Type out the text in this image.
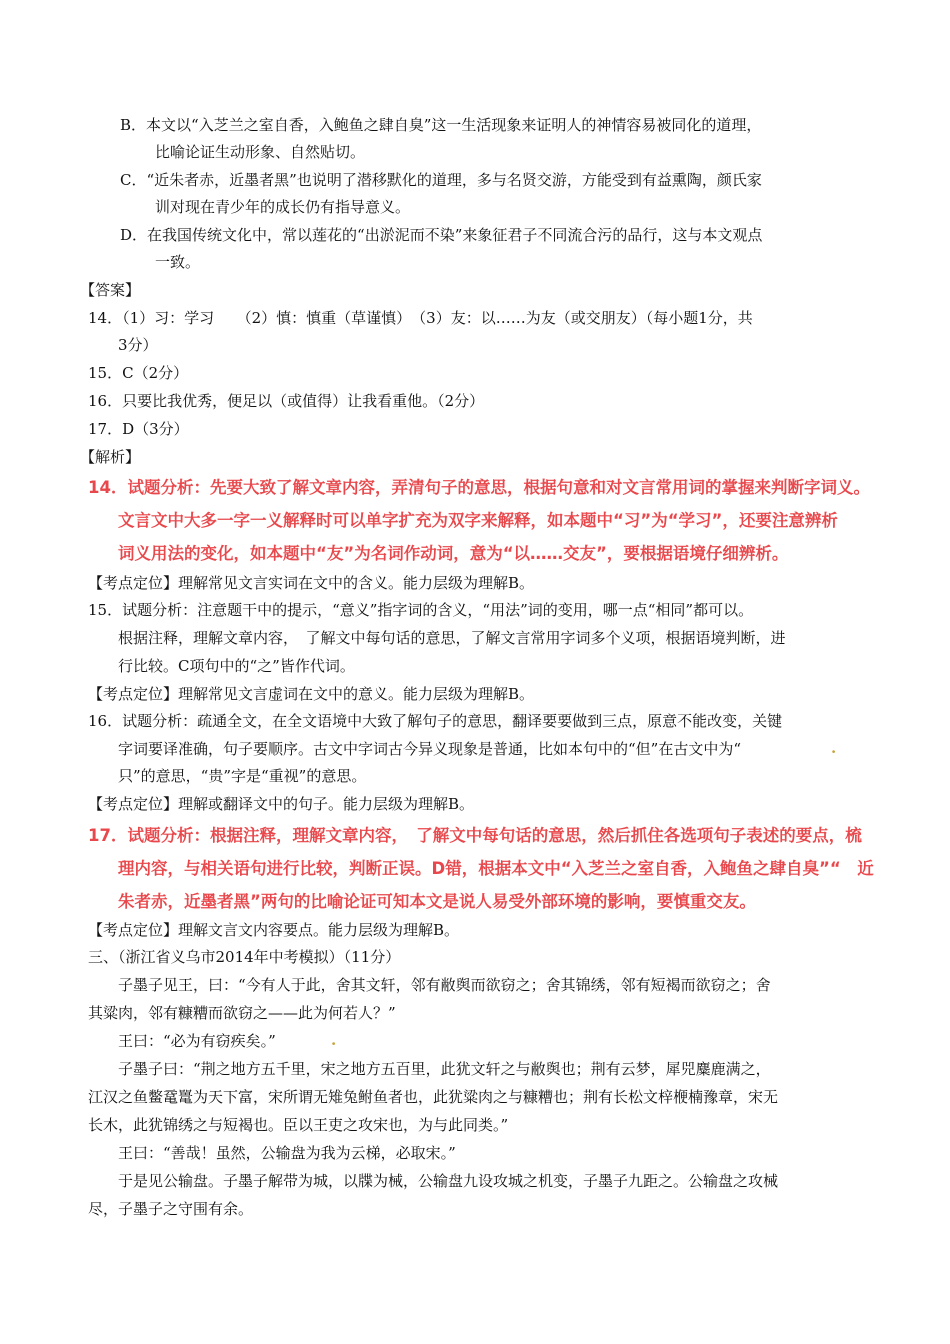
B．本文以“入芝兰之室自香，入鲍鱼之肆自臭”这一生活现象来证明人的神情容易被同化的道理，
比喻论证生动形象、自然贴切。
C．“近朱者赤，近墨者黑”也说明了潜移默化的道理，多与名贤交游，方能受到有益熏陶，颜氏家
训对现在青少年的成长仍有指导意义。
D．在我国传统文化中，常以莲花的“出淤泥而不染”来象征君子不同流合污的品行，这与本文观点
一致。
【答案】
14．（1）习：学习　　（2）慎：慎重（草谨慎）　（3）友：以……为友（或交朋友）（每小题1分，共
3分）
15．C（2分）
16．只要比我优秀，便足以（或值得）让我看重他。（2分）
17．D（3分）
【解析】
14．试题分析：先要大致了解文章内容，弄清句子的意思，根据句意和对文言常用词的掌握来判断字词义。
文言文中大多一字一义解释时可以单字扩充为双字来解释，如本题中“习”为“学习”，还要注意辨析
词义用法的变化，如本题中“友”为名词作动词，意为“以……交友”，要根据语境仔细辨析。
【考点定位】理解常见文言实词在文中的含义。能力层级为理解B。
15．试题分析：注意题干中的提示，“意义”指字词的含义，“用法”词的变用，哪一点“相同”都可以。
根据注释，理解文章内容，　了解文中每句话的意思，了解文言常用字词多个义项，根据语境判断，进
行比较。C项句中的“之”皆作代词。
【考点定位】理解常见文言虚词在文中的意义。能力层级为理解B。
16．试题分析：疏通全文，在全文语境中大致了解句子的意思，翻译要要做到三点，原意不能改变，关键
字词要译准确，句子要顺序。古文中字词古今异义现象是普通，比如本句中的“但”在古文中为“	.
只”的意思，“贵”字是“重视”的意思。
【考点定位】理解或翻译文中的句子。能力层级为理解B。
17．试题分析：根据注释，理解文章内容，　了解文中每句话的意思，然后抓住各选项句子表述的要点，梳
理内容，与相关语句进行比较，判断正误。D错，根据本文中“入芝兰之室自香，入鲍鱼之肆自臭”“　近
朱者赤，近墨者黑”两句的比喻论证可知本文是说人易受外部环境的影响，要慎重交友。
【考点定位】理解文言文内容要点。能力层级为理解B。
三、（浙江省义乌市2014年中考模拟）（11分）
子墨子见王，曰：“今有人于此，舍其文轩，邻有敝舆而欲窃之；舍其锦绣，邻有短褐而欲窃之；舍
其粱肉，邻有糠糟而欲窃之——此为何若人？”
王曰：“必为有窃疾矣。”	.
子墨子曰：“荆之地方五千里，宋之地方五百里，此犹文轩之与敝舆也；荆有云梦，犀兕麋鹿满之，
江汉之鱼鳖鼋鼍为天下富，宋所谓无雉兔鲋鱼者也，此犹粱肉之与糠糟也；荆有长松文梓楩楠豫章，宋无
长木，此犹锦绣之与短褐也。臣以王吏之攻宋也，为与此同类。”
王曰：“善哉！虽然，公输盘为我为云梯，必取宋。”
于是见公输盘。子墨子解带为城，以牒为械，公输盘九设攻城之机变，子墨子九距之。公输盘之攻械
尽，子墨子之守围有余。
